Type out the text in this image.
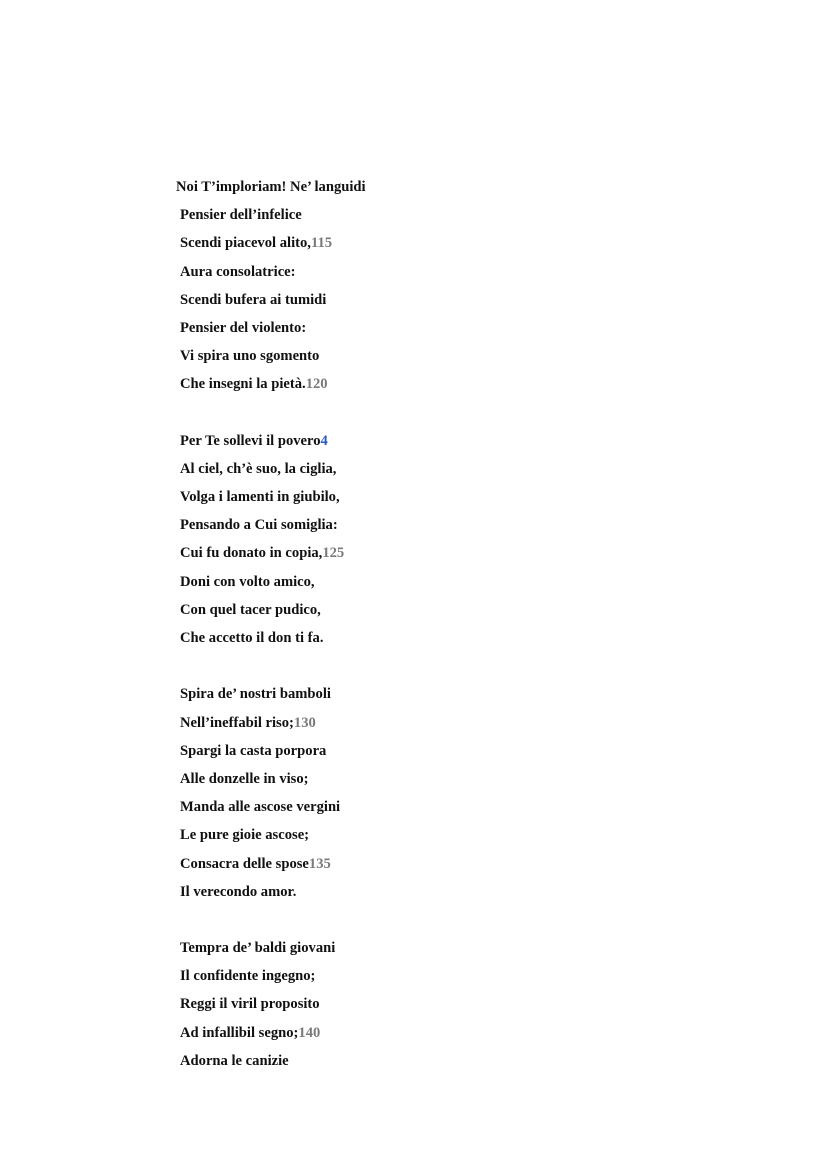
Noi T’imploriam! Ne’ languidi
Pensier dell’infelice
Scendi piacevol alito,115
Aura consolatrice:
Scendi bufera ai tumidi
Pensier del violento:
Vi spira uno sgomento
Che insegni la pietà.120
Per Te sollevi il povero4
Al ciel, ch’è suo, la ciglia,
Volga i lamenti in giubilo,
Pensando a Cui somiglia:
Cui fu donato in copia,125
Doni con volto amico,
Con quel tacer pudico,
Che accetto il don ti fa.
Spira de’ nostri bamboli
Nell’ineffabil riso;130
Spargi la casta porpora
Alle donzelle in viso;
Manda alle ascose vergini
Le pure gioie ascose;
Consacra delle spose135
Il verecondo amor.
Tempra de’ baldi giovani
Il confidente ingegno;
Reggi il viril proposito
Ad infallibil segno;140
Adorna le canizie
